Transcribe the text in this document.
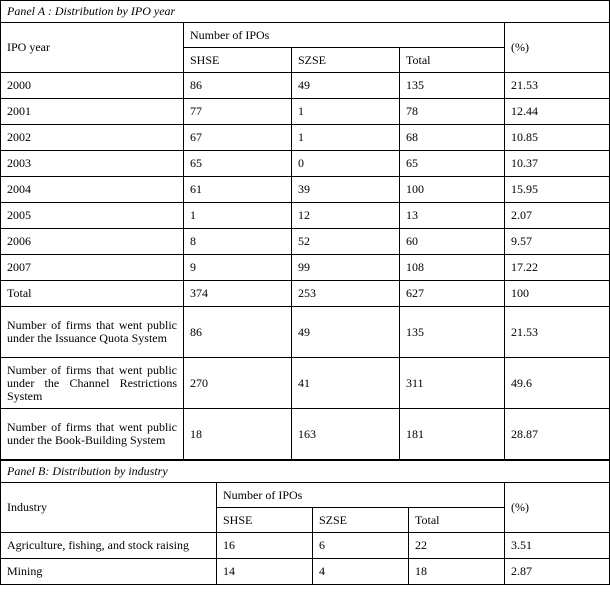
Panel A : Distribution by IPO year				
IPO year	Number of IPOs			(%)
	SHSE	SZSE	Total	
2000	86	49	135	21.53
2001	77	1	78	12.44
2002	67	1	68	10.85
2003	65	0	65	10.37
2004	61	39	100	15.95
2005	1	12	13	2.07
2006	8	52	60	9.57
2007	9	99	108	17.22
Total	374	253	627	100
Number of firms that went public under the Issuance Quota System	86	49	135	21.53
Number of firms that went public under the Channel Restrictions System	270	41	311	49.6
Number of firms that went public under the Book-Building System	18	163	181	28.87
Panel B: Distribution by industry				
Industry	Number of IPOs			(%)
	SHSE	SZSE	Total	
Agriculture, fishing, and stock raising	16	6	22	3.51
Mining	14	4	18	2.87
